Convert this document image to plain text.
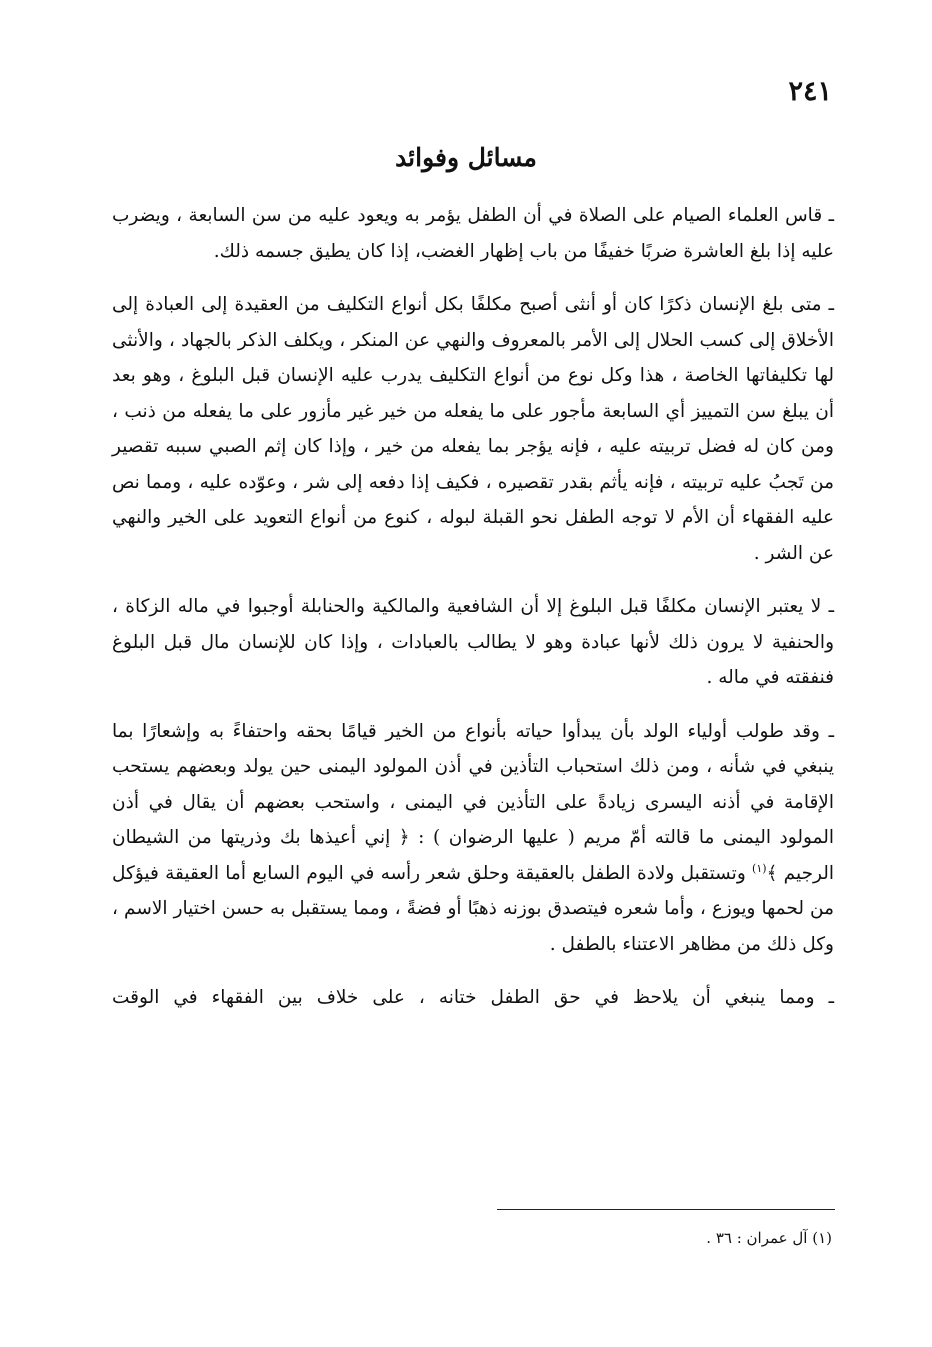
٢٤١
مسائل وفوائد

ـ قاس العلماء الصيام على الصلاة في أن الطفل يؤمر به ويعود عليه من سن السابعة ، ويضرب عليه إذا بلغ العاشرة ضربًا خفيفًا من باب إظهار الغضب، إذا كان يطيق جسمه ذلك.

ـ متى بلغ الإنسان ذكرًا كان أو أنثى أصبح مكلفًا بكل أنواع التكليف من العقيدة إلى العبادة إلى الأخلاق إلى كسب الحلال إلى الأمر بالمعروف والنهي عن المنكر ، ويكلف الذكر بالجهاد ، والأنثى لها تكليفاتها الخاصة ، هذا وكل نوع من أنواع التكليف يدرب عليه الإنسان قبل البلوغ ، وهو بعد أن يبلغ سن التمييز أي السابعة مأجور على ما يفعله من خير غير مأزور على ما يفعله من ذنب ، ومن كان له فضل تربيته عليه ، فإنه يؤجر بما يفعله من خير ، وإذا كان إثم الصبي سببه تقصير من تَجبُ عليه تربيته ، فإنه يأثم بقدر تقصيره ، فكيف إذا دفعه إلى شر ، وعوّده عليه ، ومما نص عليه الفقهاء أن الأم لا توجه الطفل نحو القبلة لبوله ، كنوع من أنواع التعويد على الخير والنهي عن الشر .

ـ لا يعتبر الإنسان مكلفًا قبل البلوغ إلا أن الشافعية والمالكية والحنابلة أوجبوا في ماله الزكاة ، والحنفية لا يرون ذلك لأنها عبادة وهو لا يطالب بالعبادات ، وإذا كان للإنسان مال قبل البلوغ فنفقته في ماله .

ـ وقد طولب أولياء الولد بأن يبدأوا حياته بأنواع من الخير قيامًا بحقه واحتفاءً به وإشعارًا بما ينبغي في شأنه ، ومن ذلك استحباب التأذين في أذن المولود اليمنى حين يولد وبعضهم يستحب الإقامة في أذنه اليسرى زيادةً على التأذين في اليمنى ، واستحب بعضهم أن يقال في أذن المولود اليمنى ما قالته أمّ مريم ( عليها الرضوان ) : ﴿ إني أعيذها بك وذريتها من الشيطان الرجيم ﴾$^{(١)}$ وتستقبل ولادة الطفل بالعقيقة وحلق شعر رأسه في اليوم السابع أما العقيقة فيؤكل من لحمها ويوزع ، وأما شعره فيتصدق بوزنه ذهبًا أو فضةً ، ومما يستقبل به حسن اختيار الاسم ، وكل ذلك من مظاهر الاعتناء بالطفل .

ـ ومما ينبغي أن يلاحظ في حق الطفل ختانه ، على خلاف بين الفقهاء في الوقت

(١) آل عمران : ٣٦ .
